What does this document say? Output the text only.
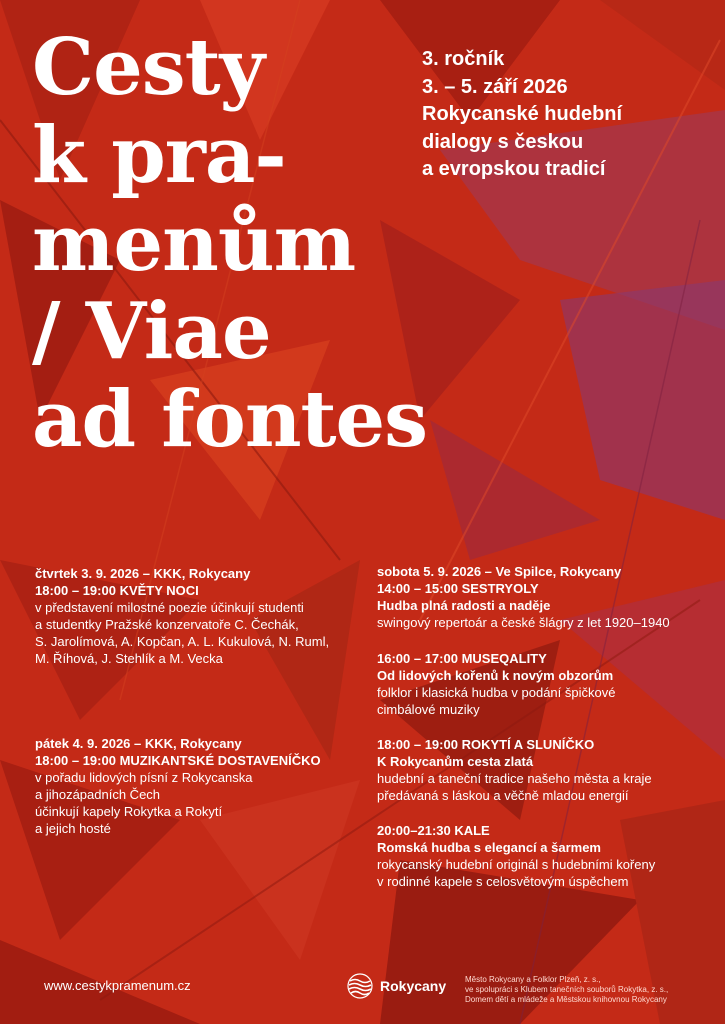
Cesty
k pra-
menům
/ Viae
ad fontes
3. ročník
3. – 5. září 2026
Rokycanské hudební
dialogy s českou
a evropskou tradicí
čtvrtek 3. 9. 2026 – KKK, Rokycany
18:00 – 19:00 KVĚTY NOCI
v představení milostné poezie účinkují studenti
a studentky Pražské konzervatoře C. Čechák,
S. Jarolímová, A. Kopčan, A. L. Kukulová, N. Ruml,
M. Říhová, J. Stehlík a M. Vecka
pátek 4. 9. 2026 – KKK, Rokycany
18:00 – 19:00 MUZIKANTSKÉ DOSTAVENÍČKO
v pořadu lidových písní z Rokycanska
a jihozápadních Čech
účinkují kapely Rokytka a Rokytí
a jejich hosté
sobota 5. 9. 2026 – Ve Spilce, Rokycany
14:00 – 15:00 SESTRYOLY
Hudba plná radosti a naděje
swingový repertoár a české šlágry z let 1920–1940
16:00 – 17:00 MUSEQALITY
Od lidových kořenů k novým obzorům
folklor i klasická hudba v podání špičkové
cimbálové muziky
18:00 – 19:00 ROKYTÍ A SLUNÍČKO
K Rokycanům cesta zlatá
hudební a taneční tradice našeho města a kraje
předávaná s láskou a věčně mladou energií
20:00–21:30 KALE
Romská hudba s elegancí a šarmem
rokycanský hudební originál s hudebními kořeny
v rodinné kapele s celosvětovým úspěchem
www.cestykpramenum.cz	Rokycany Město Rokycany a Folklor Plzeň, z. s.,
ve spolupráci s Klubem tanečních souborů Rokytka, z. s.,
Domem dětí a mládeže a Městskou knihovnou Rokycany
